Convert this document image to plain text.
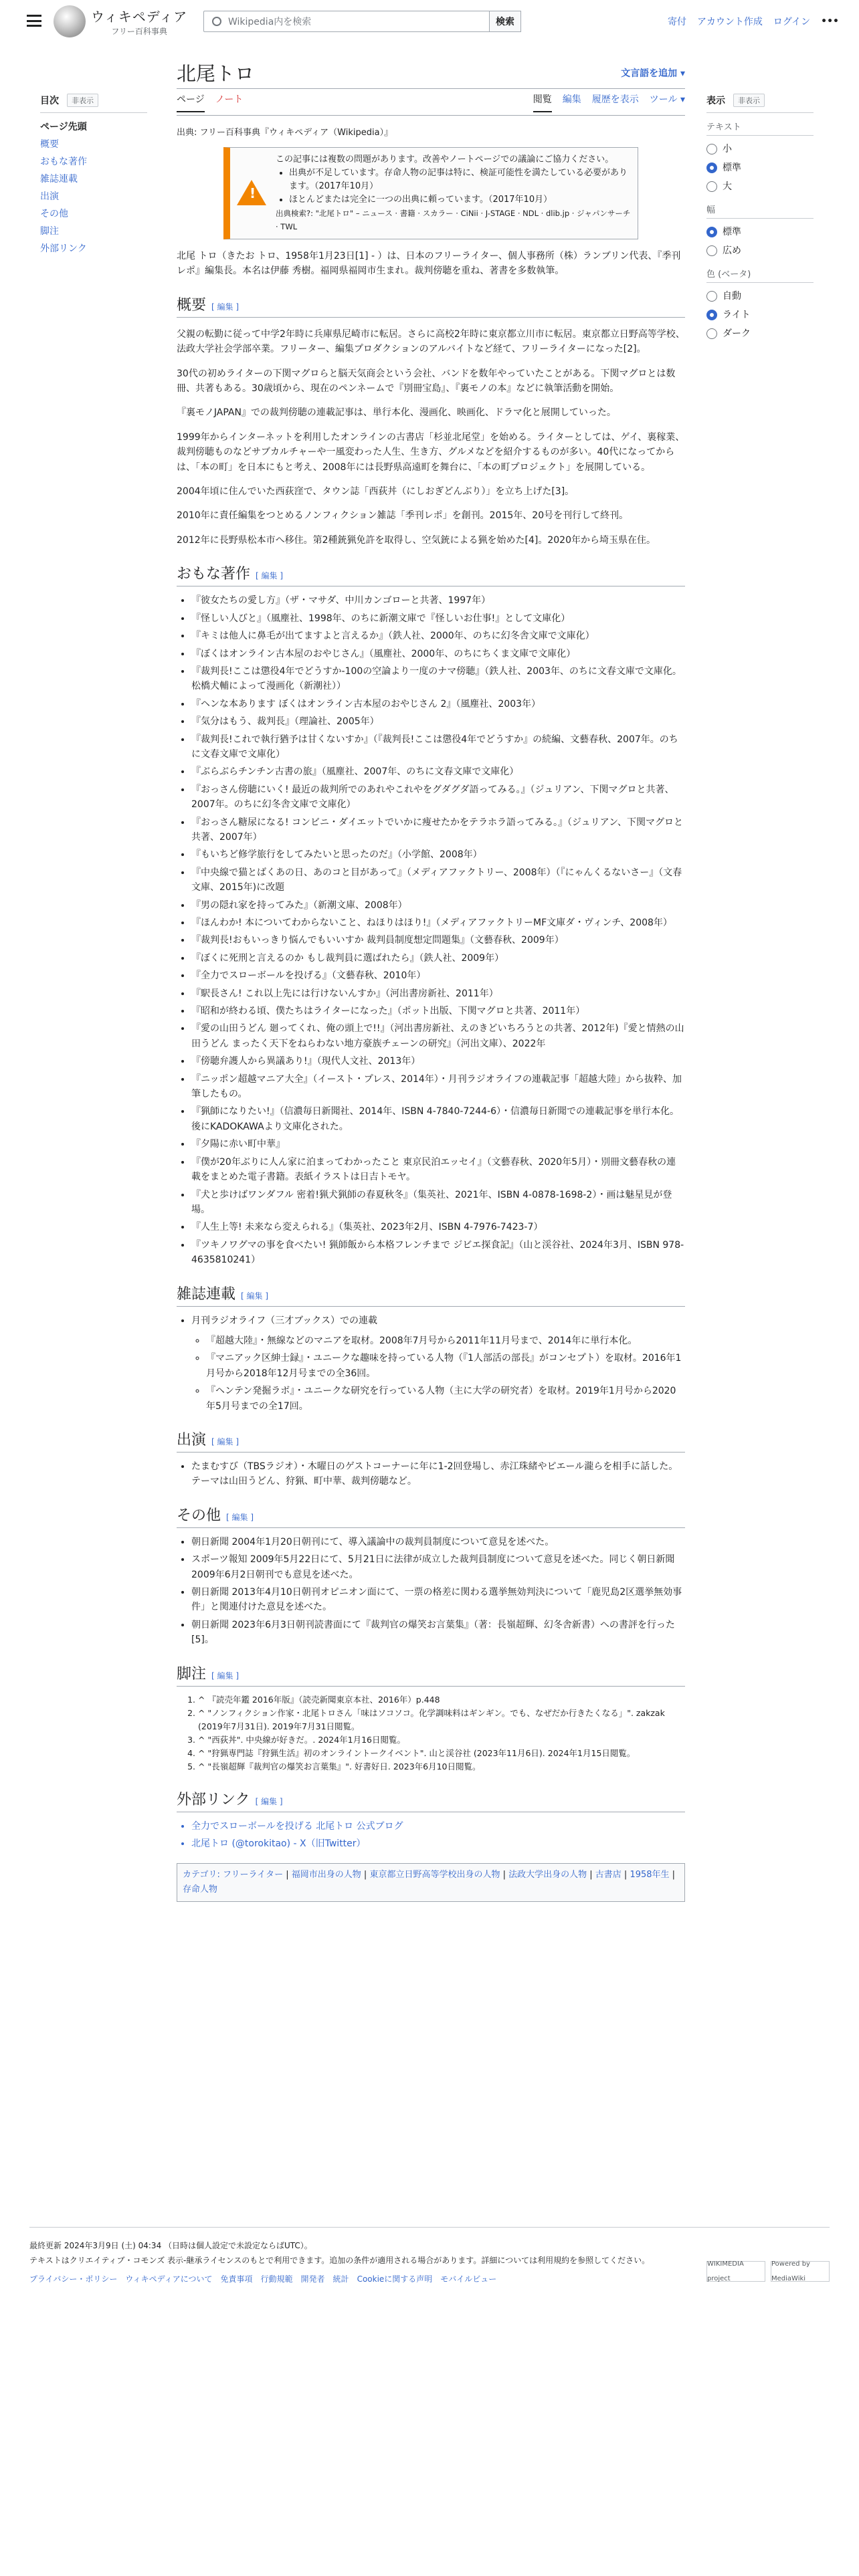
ウィキペディア
フリー百科事典
Wikipedia内を検索	検索	寄付 アカウント作成 ログイン •••
目次	非表示
ページ先頭
概要
おもな著作
雑誌連載
出演
その他
脚注
外部リンク
北尾トロ	文言語を追加 ▾
ページ ノート	閲覧 編集 履歴を表示 ツール ▾
出典: フリー百科事典『ウィキペディア（Wikipedia）』
!
この記事には複数の問題があります。改善やノートページでの議論にご協力ください。
• 出典が不足しています。存命人物の記事は特に、検証可能性を満たしている必要があります。（2017年10月）
• ほとんどまたは完全に一つの出典に頼っています。（2017年10月）
出典検索?: "北尾トロ" – ニュース · 書籍 · スカラー · CiNii · J-STAGE · NDL · dlib.jp · ジャパンサーチ · TWL

北尾 トロ（きたお トロ、1958年1月23日[1] - ）は、日本のフリーライター、個人事務所（株）ランブリン代表、『季刊レポ』編集長。本名は伊藤 秀樹。福岡県福岡市生まれ。裁判傍聴を重ね、著書を多数執筆。

概要 [ 編集 ]

父親の転勤に従って中学2年時に兵庫県尼崎市に転居。さらに高校2年時に東京都立川市に転居。東京都立日野高等学校、法政大学社会学部卒業。フリーター、編集プロダクションのアルバイトなど経て、フリーライターになった[2]。

30代の初めライターの下関マグロらと脳天気商会という会社、バンドを数年やっていたことがある。下関マグロとは数冊、共著もある。30歳頃から、現在のペンネームで『別冊宝島』、『裏モノの本』などに執筆活動を開始。

『裏モノJAPAN』での裁判傍聴の連載記事は、単行本化、漫画化、映画化、ドラマ化と展開していった。

1999年からインターネットを利用したオンラインの古書店「杉並北尾堂」を始める。ライターとしては、ゲイ、裏稼業、裁判傍聴ものなどサブカルチャーや一風変わった人生、生き方、グルメなどを紹介するものが多い。40代になってからは、「本の町」を日本にもと考え、2008年には長野県高遠町を舞台に、「本の町プロジェクト」を展開している。

2004年頃に住んでいた西荻窪で、タウン誌「西荻丼（にしおぎどんぶり）」を立ち上げた[3]。

2010年に責任編集をつとめるノンフィクション雑誌「季刊レポ」を創刊。2015年、20号を刊行して終刊。

2012年に長野県松本市へ移住。第2種銃猟免許を取得し、空気銃による猟を始めた[4]。2020年から埼玉県在住。

おもな著作 [ 編集 ]
• 『彼女たちの愛し方』（ザ・マサダ、中川カンゴローと共著、1997年）
• 『怪しい人びと』（風塵社、1998年、のちに新潮文庫で『怪しいお仕事!』として文庫化）
• 『キミは他人に鼻毛が出てますよと言えるか』（鉄人社、2000年、のちに幻冬舎文庫で文庫化）
• 『ぼくはオンライン古本屋のおやじさん』（風塵社、2000年、のちにちくま文庫で文庫化）
• 『裁判長!ここは懲役4年でどうすか-100の空論より一度のナマ傍聴』（鉄人社、2003年、のちに文春文庫で文庫化。松橋犬輔によって漫画化（新潮社））
• 『ヘンな本あります ぼくはオンライン古本屋のおやじさん 2』（風塵社、2003年）
• 『気分はもう、裁判長』（理論社、2005年）
• 『裁判長!これで執行猶予は甘くないすか』（『裁判長!ここは懲役4年でどうすか』の続編、文藝春秋、2007年。のちに文春文庫で文庫化）
• 『ぶらぶらチンチン古書の旅』（風塵社、2007年、のちに文春文庫で文庫化）
• 『おっさん傍聴にいく! 最近の裁判所でのあれやこれやをグダグダ語ってみる。』（ジュリアン、下関マグロと共著、2007年。のちに幻冬舎文庫で文庫化）
• 『おっさん糖尿になる! コンビニ・ダイエットでいかに痩せたかをテラホラ語ってみる。』（ジュリアン、下関マグロと共著、2007年）
• 『もいちど修学旅行をしてみたいと思ったのだ』（小学館、2008年）
• 『中央線で猫とばくあの日、あのコと目があって』（メディアファクトリー、2008年）（『にゃんくるないさー』（文春文庫、2015年)に改題
• 『男の隠れ家を持ってみた』（新潮文庫、2008年）
• 『ほんわか! 本についてわからないこと、ねほりはほり!』（メディアファクトリーMF文庫ダ・ヴィンチ、2008年）
• 『裁判長!おもいっきり悩んでもいいすか 裁判員制度想定問題集』（文藝春秋、2009年）
• 『ぼくに死刑と言えるのか もし裁判員に選ばれたら』（鉄人社、2009年）
• 『全力でスローボールを投げる』（文藝春秋、2010年）
• 『駅長さん! これ以上先には行けないんすか』（河出書房新社、2011年）
• 『昭和が終わる頃、僕たちはライターになった』（ポット出版、下関マグロと共著、2011年）
• 『愛の山田うどん 廻ってくれ、俺の頭上で!!』（河出書房新社、えのきどいちろうとの共著、2012年)『愛と情熱の山田うどん まったく天下をねらわない地方豪族チェーンの研究』（河出文庫）、2022年
• 『傍聴弁護人から異議あり!』（現代人文社、2013年）
• 『ニッポン超越マニア大全』（イースト・プレス、2014年）・月刊ラジオライフの連載記事「超越大陸」から抜粋、加筆したもの。
• 『猟師になりたい!』（信濃毎日新聞社、2014年、ISBN 4-7840-7244-6）・信濃毎日新聞での連載記事を単行本化。後にKADOKAWAより文庫化された。
• 『夕陽に赤い町中華』
• 『僕が20年ぶりに人ん家に泊まってわかったこと 東京民泊エッセイ』（文藝春秋、2020年5月）・別冊文藝春秋の連載をまとめた電子書籍。表紙イラストは日吉トモヤ。
• 『犬と歩けばワンダフル 密着!猟犬猟師の春夏秋冬』（集英社、2021年、ISBN 4-0878-1698-2）・画は魅星見が登場。
• 『人生上等! 未来なら変えられる』（集英社、2023年2月、ISBN 4-7976-7423-7）
• 『ツキノワグマの事を食べたい! 猟師飯から本格フレンチまで ジビエ探食記』（山と渓谷社、2024年3月、ISBN 978-4635810241）
雑誌連載 [ 編集 ]
• 月刊ラジオライフ（三才ブックス）での連載
◦ 『超越大陸』・無線などのマニアを取材。2008年7月号から2011年11月号まで、2014年に単行本化。
◦ 『マニアック区紳士録』・ユニークな趣味を持っている人物（『1人部活の部長』がコンセプト）を取材。2016年1月号から2018年12月号までの全36回。
◦ 『ヘンテン発掘ラボ』・ユニークな研究を行っている人物（主に大学の研究者）を取材。2019年1月号から2020年5月号までの全17回。
出演 [ 編集 ]
• たまむすび（TBSラジオ）・木曜日のゲストコーナーに年に1-2回登場し、赤江珠緒やピエール瀧らを相手に話した。テーマは山田うどん、狩猟、町中華、裁判傍聴など。
その他 [ 編集 ]
• 朝日新聞 2004年1月20日朝刊にて、導入議論中の裁判員制度について意見を述べた。
• スポーツ報知 2009年5月22日にて、5月21日に法律が成立した裁判員制度について意見を述べた。同じく朝日新聞 2009年6月2日朝刊でも意見を述べた。
• 朝日新聞 2013年4月10日朝刊オピニオン面にて、一票の格差に関わる選挙無効判決について「鹿児島2区選挙無効事件」と関連付けた意見を述べた。
• 朝日新聞 2023年6月3日朝刊読書面にて『裁判官の爆笑お言葉集』（著：長嶺超輝、幻冬舎新書）への書評を行った[5]。
脚注 [ 編集 ]
1. ^ 『読売年鑑 2016年版』（読売新聞東京本社、2016年）p.448
2. ^ "ノンフィクション作家・北尾トロさん「味はソコソコ。化学調味料はギンギン。でも、なぜだか行きたくなる」". zakzak (2019年7月31日). 2019年7月31日閲覧。
3. ^ "西荻丼". 中央線が好きだ。. 2024年1月16日閲覧。
4. ^ "狩猟専門誌『狩猟生活』初のオンライントークイベント". 山と渓谷社 (2023年11月6日). 2024年1月15日閲覧。
5. ^ "長嶺超輝『裁判官の爆笑お言葉集』". 好書好日. 2023年6月10日閲覧。
外部リンク [ 編集 ]
• 全力でスローボールを投げる 北尾トロ 公式ブログ
• 北尾トロ (@torokitao) - X（旧Twitter）
カテゴリ: フリーライター | 福岡市出身の人物 | 東京都立日野高等学校出身の人物 | 法政大学出身の人物 | 古書店 | 1958年生 | 存命人物
表示	非表示
テキスト
小
標準
大
幅
標準
広め
色 (ベータ)
自動
ライト
ダーク
最終更新 2024年3月9日 (土) 04:34 （日時は個人設定で未設定ならばUTC）。
テキストはクリエイティブ・コモンズ 表示-継承ライセンスのもとで利用できます。追加の条件が適用される場合があります。詳細については利用規約を参照してください。
プライバシー・ポリシー ウィキペディアについて 免責事項 行動規範 開発者 統計 Cookieに関する声明 モバイルビュー
WIKIMEDIA project
Powered by MediaWiki
